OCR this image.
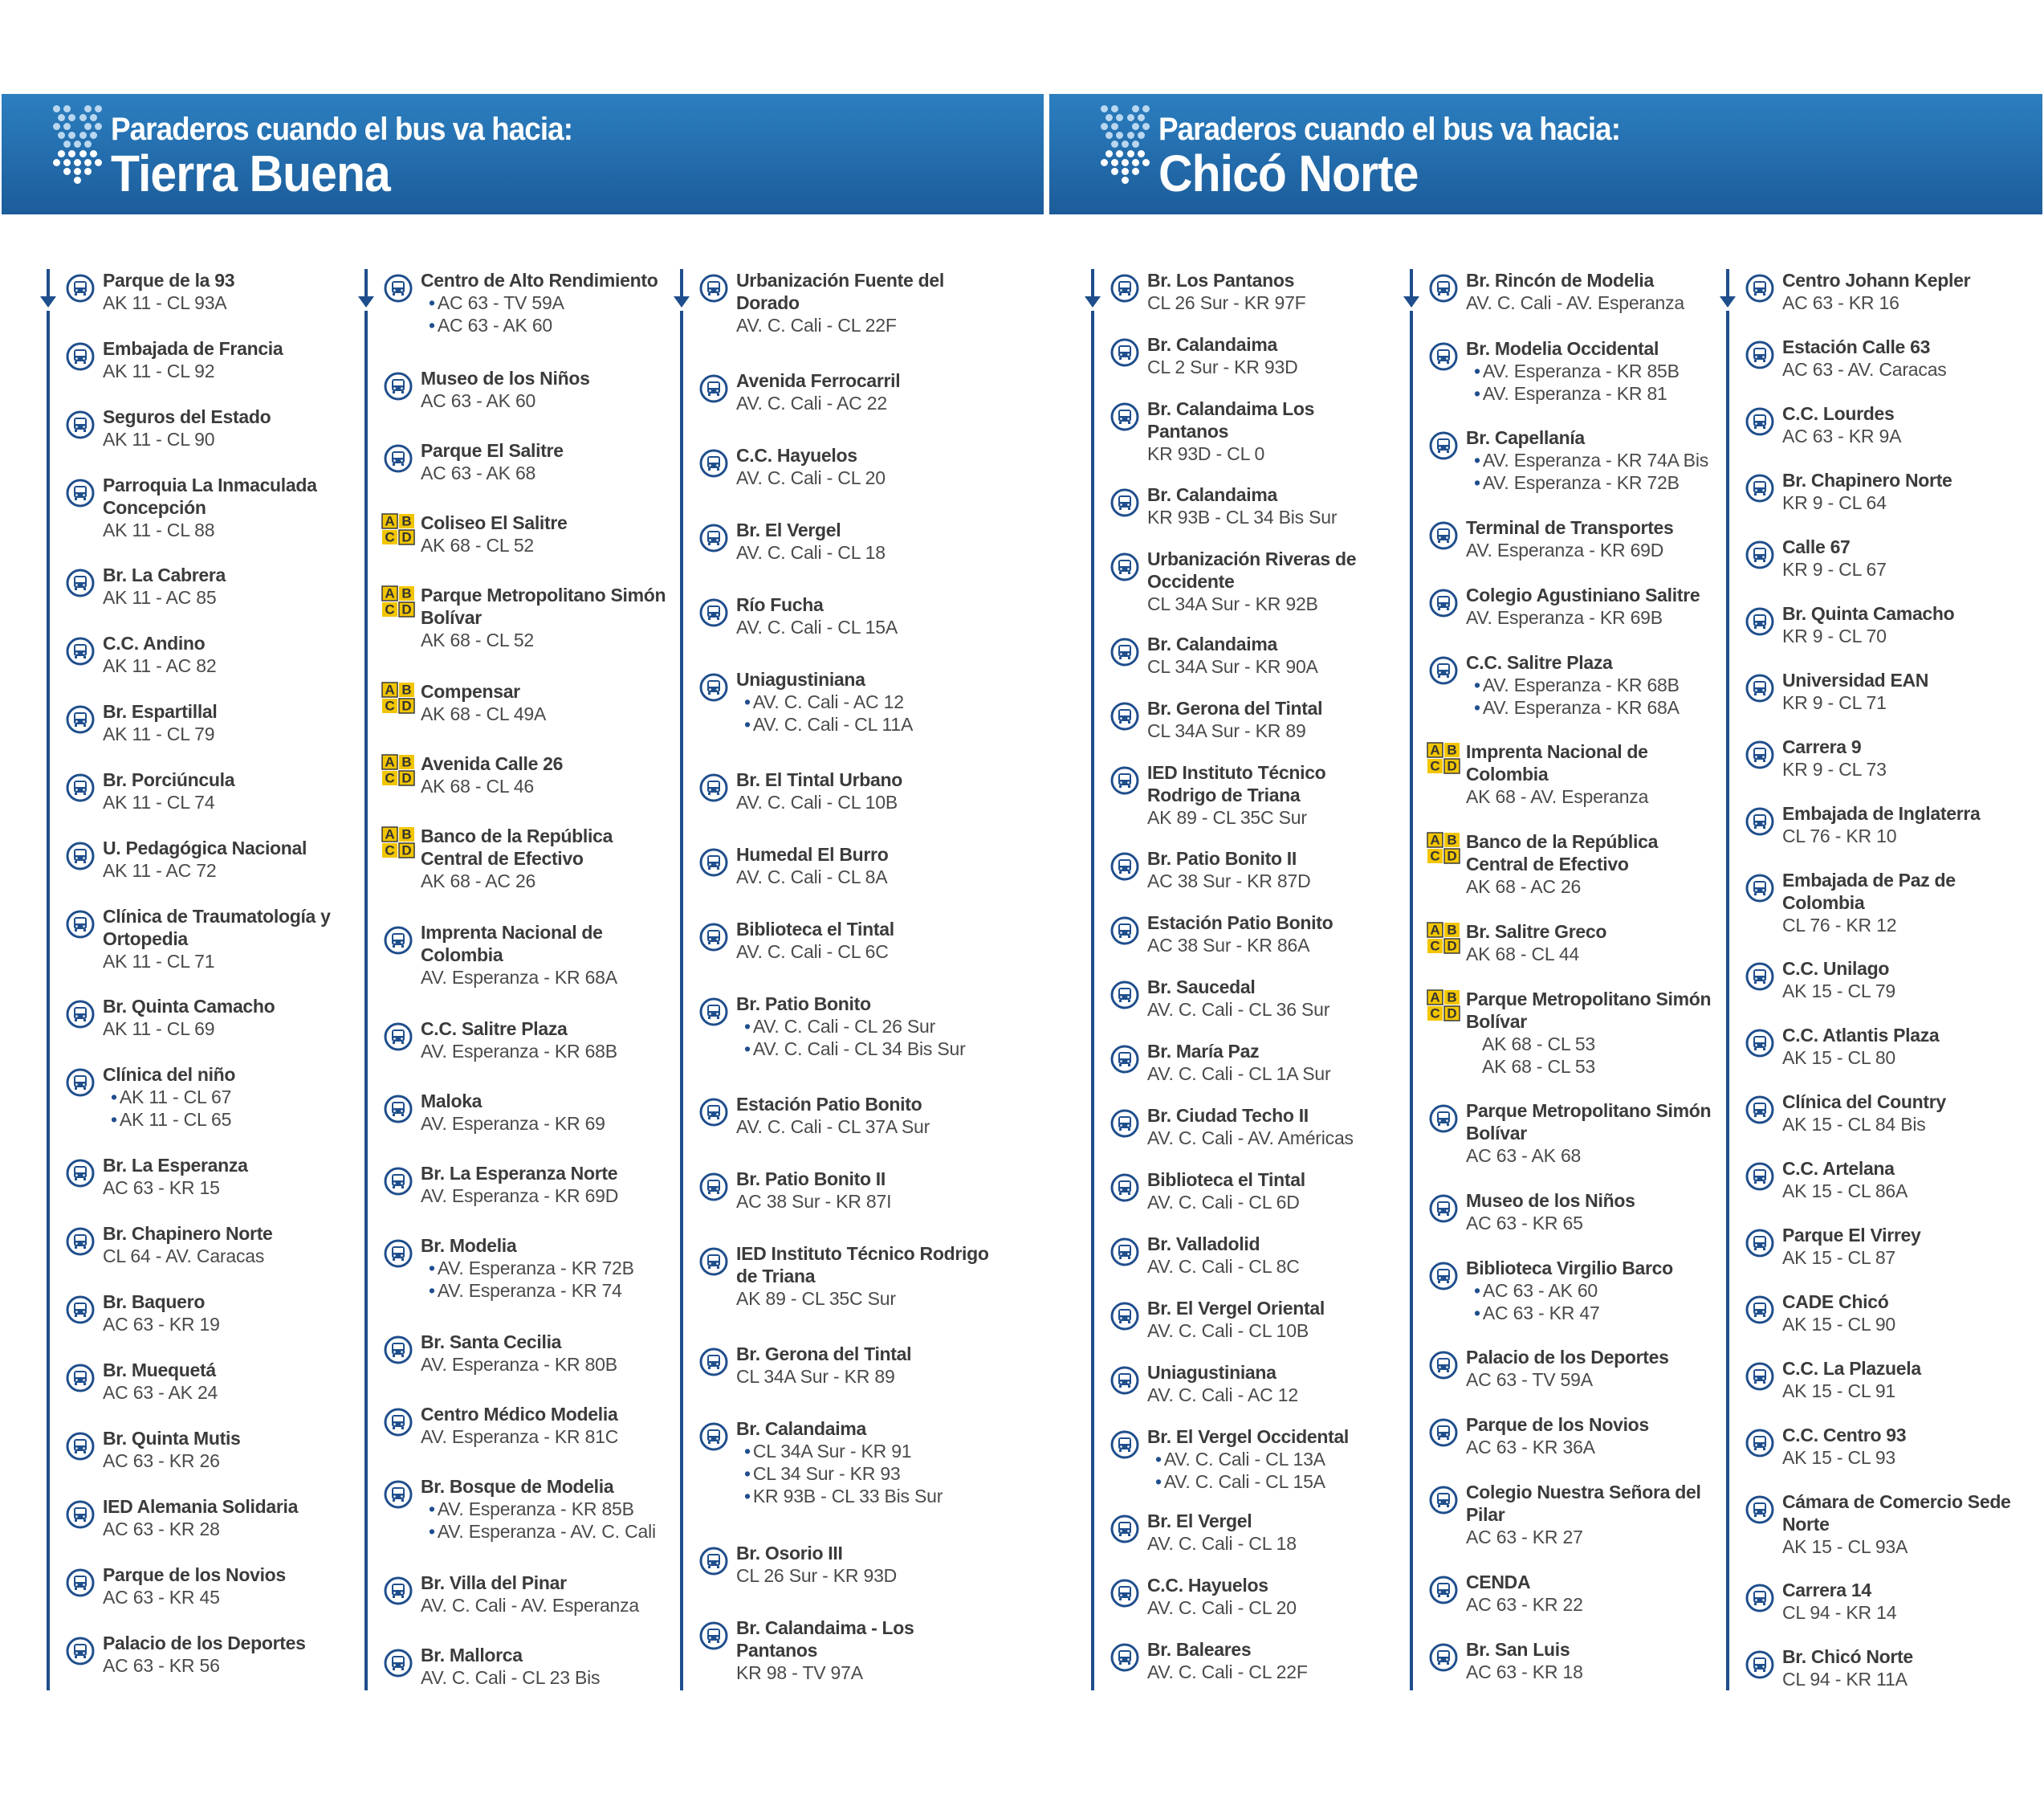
Paraderos cuando el bus va hacia:
Tierra Buena
Paraderos cuando el bus va hacia:
Chicó Norte
Parque de la 93
AK 11 - CL 93A
Embajada de Francia
AK 11 - CL 92
Seguros del Estado
AK 11 - CL 90
Parroquia La Inmaculada
Concepción
AK 11 - CL 88
Br. La Cabrera
AK 11 - AC 85
C.C. Andino
AK 11 - AC 82
Br. Espartillal
AK 11 - CL 79
Br. Porciúncula
AK 11 - CL 74
U. Pedagógica Nacional
AK 11 - AC 72
Clínica de Traumatología y
Ortopedia
AK 11 - CL 71
Br. Quinta Camacho
AK 11 - CL 69
Clínica del niño
• AK 11 - CL 67
• AK 11 - CL 65
Br. La Esperanza
AC 63 - KR 15
Br. Chapinero Norte
CL 64 - AV. Caracas
Br. Baquero
AC 63 - KR 19
Br. Muequetá
AC 63 - AK 24
Br. Quinta Mutis
AC 63 - KR 26
IED Alemania Solidaria
AC 63 - KR 28
Parque de los Novios
AC 63 - KR 45
Palacio de los Deportes
AC 63 - KR 56
Centro de Alto Rendimiento
• AC 63 - TV 59A
• AC 63 - AK 60
Museo de los Niños
AC 63 - AK 60
Parque El Salitre
AC 63 - AK 68
A B
C D
Coliseo El Salitre
AK 68 - CL 52
A B
C D
Parque Metropolitano Simón
Bolívar
AK 68 - CL 52
A B
C D
Compensar
AK 68 - CL 49A
A B
C D
Avenida Calle 26
AK 68 - CL 46
A B
C D
Banco de la República
Central de Efectivo
AK 68 - AC 26
Imprenta Nacional de
Colombia
AV. Esperanza - KR 68A
C.C. Salitre Plaza
AV. Esperanza - KR 68B
Maloka
AV. Esperanza - KR 69
Br. La Esperanza Norte
AV. Esperanza - KR 69D
Br. Modelia
• AV. Esperanza - KR 72B
• AV. Esperanza - KR 74
Br. Santa Cecilia
AV. Esperanza - KR 80B
Centro Médico Modelia
AV. Esperanza - KR 81C
Br. Bosque de Modelia
• AV. Esperanza - KR 85B
• AV. Esperanza - AV. C. Cali
Br. Villa del Pinar
AV. C. Cali - AV. Esperanza
Br. Mallorca
AV. C. Cali - CL 23 Bis
Urbanización Fuente del
Dorado
AV. C. Cali - CL 22F
Avenida Ferrocarril
AV. C. Cali - AC 22
C.C. Hayuelos
AV. C. Cali - CL 20
Br. El Vergel
AV. C. Cali - CL 18
Río Fucha
AV. C. Cali - CL 15A
Uniagustiniana
• AV. C. Cali - AC 12
• AV. C. Cali - CL 11A
Br. El Tintal Urbano
AV. C. Cali - CL 10B
Humedal El Burro
AV. C. Cali - CL 8A
Biblioteca el Tintal
AV. C. Cali - CL 6C
Br. Patio Bonito
• AV. C. Cali - CL 26 Sur
• AV. C. Cali - CL 34 Bis Sur
Estación Patio Bonito
AV. C. Cali - CL 37A Sur
Br. Patio Bonito II
AC 38 Sur - KR 87I
IED Instituto Técnico Rodrigo
de Triana
AK 89 - CL 35C Sur
Br. Gerona del Tintal
CL 34A Sur - KR 89
Br. Calandaima
• CL 34A Sur - KR 91
• CL 34 Sur - KR 93
• KR 93B - CL 33 Bis Sur
Br. Osorio III
CL 26 Sur - KR 93D
Br. Calandaima - Los
Pantanos
KR 98 - TV 97A
Br. Los Pantanos
CL 26 Sur - KR 97F
Br. Calandaima
CL 2 Sur - KR 93D
Br. Calandaima Los
Pantanos
KR 93D - CL 0
Br. Calandaima
KR 93B - CL 34 Bis Sur
Urbanización Riveras de
Occidente
CL 34A Sur - KR 92B
Br. Calandaima
CL 34A Sur - KR 90A
Br. Gerona del Tintal
CL 34A Sur - KR 89
IED Instituto Técnico
Rodrigo de Triana
AK 89 - CL 35C Sur
Br. Patio Bonito II
AC 38 Sur - KR 87D
Estación Patio Bonito
AC 38 Sur - KR 86A
Br. Saucedal
AV. C. Cali - CL 36 Sur
Br. María Paz
AV. C. Cali - CL 1A Sur
Br. Ciudad Techo II
AV. C. Cali - AV. Américas
Biblioteca el Tintal
AV. C. Cali - CL 6D
Br. Valladolid
AV. C. Cali - CL 8C
Br. El Vergel Oriental
AV. C. Cali - CL 10B
Uniagustiniana
AV. C. Cali - AC 12
Br. El Vergel Occidental
• AV. C. Cali - CL 13A
• AV. C. Cali - CL 15A
Br. El Vergel
AV. C. Cali - CL 18
C.C. Hayuelos
AV. C. Cali - CL 20
Br. Baleares
AV. C. Cali - CL 22F
Br. Rincón de Modelia
AV. C. Cali - AV. Esperanza
Br. Modelia Occidental
• AV. Esperanza - KR 85B
• AV. Esperanza - KR 81
Br. Capellanía
• AV. Esperanza - KR 74A Bis
• AV. Esperanza - KR 72B
Terminal de Transportes
AV. Esperanza - KR 69D
Colegio Agustiniano Salitre
AV. Esperanza - KR 69B
C.C. Salitre Plaza
• AV. Esperanza - KR 68B
• AV. Esperanza - KR 68A
A B
C D
Imprenta Nacional de
Colombia
AK 68 - AV. Esperanza
A B
C D
Banco de la República
Central de Efectivo
AK 68 - AC 26
A B
C D
Br. Salitre Greco
AK 68 - CL 44
A B
C D
Parque Metropolitano Simón
Bolívar
AK 68 - CL 53
AK 68 - CL 53
Parque Metropolitano Simón
Bolívar
AC 63 - AK 68
Museo de los Niños
AC 63 - KR 65
Biblioteca Virgilio Barco
• AC 63 - AK 60
• AC 63 - KR 47
Palacio de los Deportes
AC 63 - TV 59A
Parque de los Novios
AC 63 - KR 36A
Colegio Nuestra Señora del
Pilar
AC 63 - KR 27
CENDA
AC 63 - KR 22
Br. San Luis
AC 63 - KR 18
Centro Johann Kepler
AC 63 - KR 16
Estación Calle 63
AC 63 - AV. Caracas
C.C. Lourdes
AC 63 - KR 9A
Br. Chapinero Norte
KR 9 - CL 64
Calle 67
KR 9 - CL 67
Br. Quinta Camacho
KR 9 - CL 70
Universidad EAN
KR 9 - CL 71
Carrera 9
KR 9 - CL 73
Embajada de Inglaterra
CL 76 - KR 10
Embajada de Paz de
Colombia
CL 76 - KR 12
C.C. Unilago
AK 15 - CL 79
C.C. Atlantis Plaza
AK 15 - CL 80
Clínica del Country
AK 15 - CL 84 Bis
C.C. Artelana
AK 15 - CL 86A
Parque El Virrey
AK 15 - CL 87
CADE Chicó
AK 15 - CL 90
C.C. La Plazuela
AK 15 - CL 91
C.C. Centro 93
AK 15 - CL 93
Cámara de Comercio Sede
Norte
AK 15 - CL 93A
Carrera 14
CL 94 - KR 14
Br. Chicó Norte
CL 94 - KR 11A
